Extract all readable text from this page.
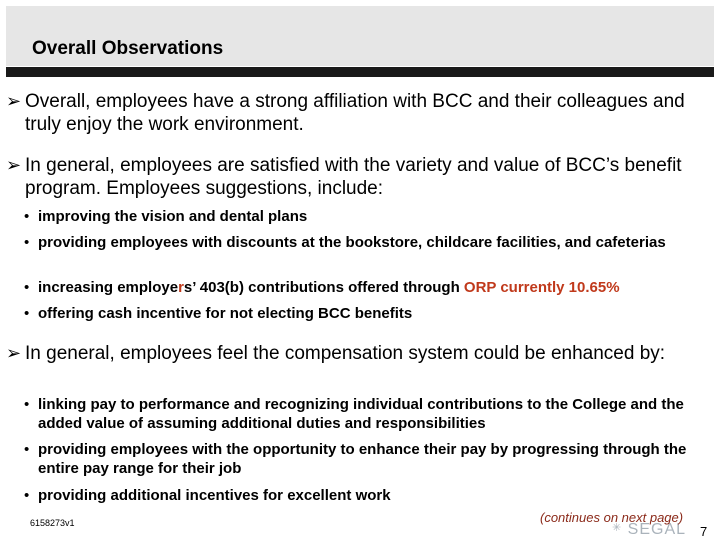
Overall Observations
➢ Overall, employees have a strong affiliation with BCC and their colleagues and truly enjoy the work environment.
➢ In general, employees are satisfied with the variety and value of BCC’s benefit program. Employees suggestions, include:
• improving the vision and dental plans
• providing employees with discounts at the bookstore, childcare facilities, and cafeterias
• increasing employers’ 403(b) contributions offered through ORP currently 10.65%
• offering cash incentive for not electing BCC benefits
➢ In general, employees feel the compensation system could be enhanced by:
• linking pay to performance and recognizing individual contributions to the College and the added value of assuming additional duties and responsibilities
• providing employees with the opportunity to enhance their pay by progressing through the entire pay range for their job
• providing additional incentives for excellent work
6158273v1	✳ SEGAL
(continues on next page)
7
